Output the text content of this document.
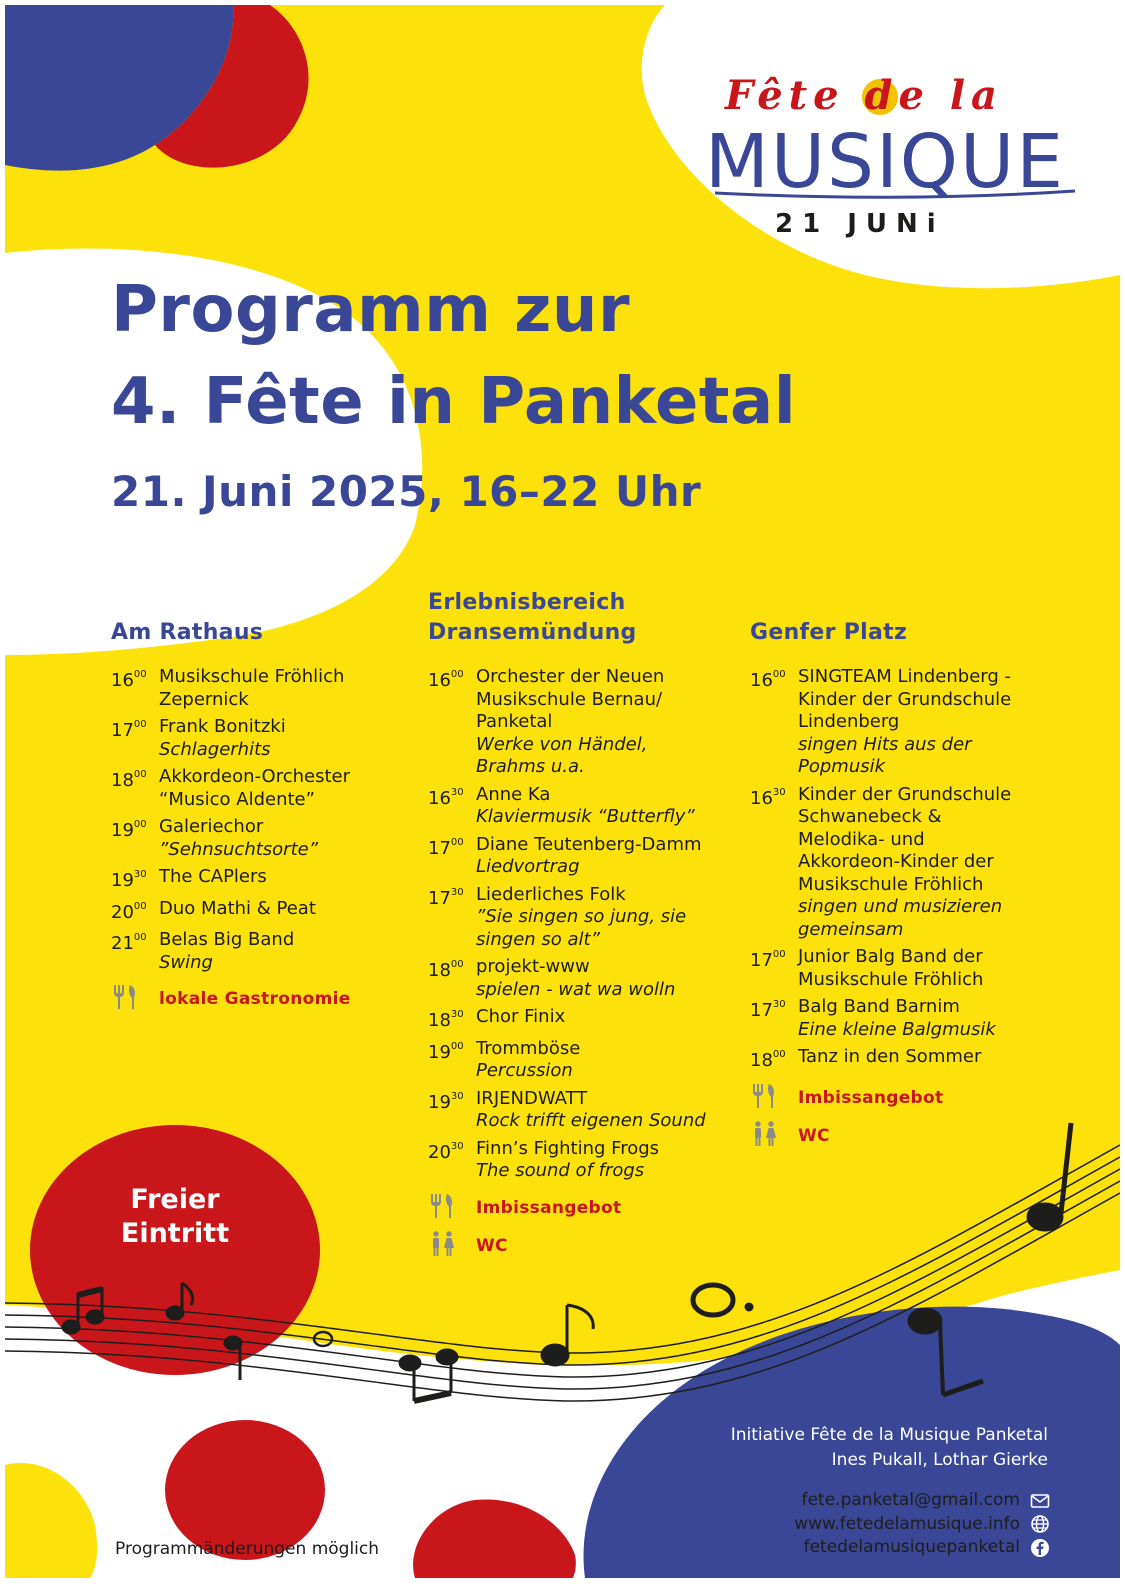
Fête de la
MUSIQUE
21 JUNi
Programm zur
4. Fête in Panketal
21. Juni 2025, 16–22 Uhr
Am Rathaus
$16^{00}$ Musikschule Fröhlich
Zepernick
$17^{00}$ Frank Bonitzki
Schlagerhits
$18^{00}$ Akkordeon-Orchester
“Musico Aldente”
$19^{00}$ Galeriechor
”Sehnsuchtsorte”
$19^{30}$ The CAPlers
$20^{00}$ Duo Mathi & Peat
$21^{00}$ Belas Big Band
Swing
lokale Gastronomie
Erlebnisbereich
Dransemündung
$16^{00}$ Orchester der Neuen
Musikschule Bernau/
Panketal
Werke von Händel,
Brahms u.a.
$16^{30}$ Anne Ka
Klaviermusik “Butterfly”
$17^{00}$ Diane Teutenberg-Damm
Liedvortrag
$17^{30}$ Liederliches Folk
”Sie singen so jung, sie
singen so alt”
$18^{00}$ projekt-www
spielen - wat wa wolln
$18^{30}$ Chor Finix
$19^{00}$ Trommböse
Percussion
$19^{30}$ IRJENDWATT
Rock trifft eigenen Sound
$20^{30}$ Finn’s Fighting Frogs
The sound of frogs
Imbissangebot
WC
Genfer Platz
$16^{00}$ SINGTEAM Lindenberg -
Kinder der Grundschule
Lindenberg
singen Hits aus der
Popmusik
$16^{30}$ Kinder der Grundschule
Schwanebeck &
Melodika- und
Akkordeon-Kinder der
Musikschule Fröhlich
singen und musizieren
gemeinsam
$17^{00}$ Junior Balg Band der
Musikschule Fröhlich
$17^{30}$ Balg Band Barnim
Eine kleine Balgmusik
$18^{00}$ Tanz in den Sommer
Imbissangebot
WC
Freier
Eintritt
Initiative Fête de la Musique Panketal
Ines Pukall, Lothar Gierke
fete.panketal@gmail.com
www.fetedelamusique.info
fetedelamusiquepanketal
Programmänderungen möglich
